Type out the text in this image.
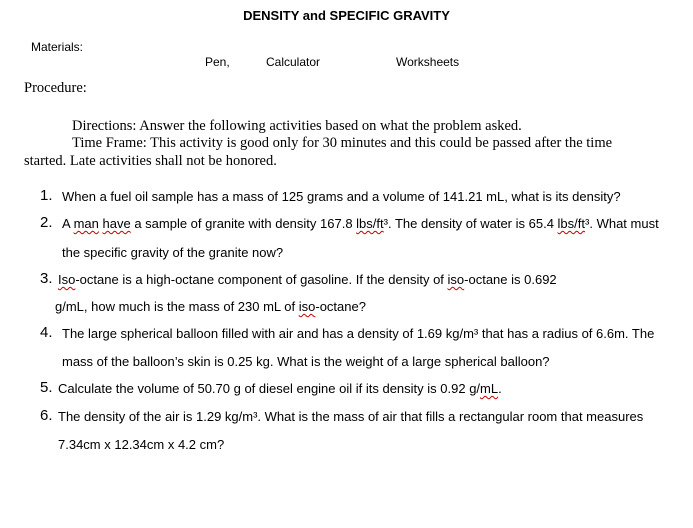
DENSITY and SPECIFIC GRAVITY
Materials:
Pen,	Calculator	Worksheets
Procedure:
Directions: Answer the following activities based on what the problem asked.
Time Frame: This activity is good only for 30 minutes and this could be passed after the time
started. Late activities shall not be honored.
1. When a fuel oil sample has a mass of 125 grams and a volume of 141.21 mL, what is its density?
2. A man have a sample of granite with density 167.8 lbs/ft³. The density of water is 65.4 lbs/ft³. What must
the specific gravity of the granite now?
3. Iso-octane is a high-octane component of gasoline. If the density of iso-octane is 0.692
g/mL, how much is the mass of 230 mL of iso-octane?
4. The large spherical balloon filled with air and has a density of 1.69 kg/m³ that has a radius of 6.6m. The
mass of the balloon’s skin is 0.25 kg. What is the weight of a large spherical balloon?
5. Calculate the volume of 50.70 g of diesel engine oil if its density is 0.92 g/mL.
6. The density of the air is 1.29 kg/m³. What is the mass of air that fills a rectangular room that measures
7.34cm x 12.34cm x 4.2 cm?
